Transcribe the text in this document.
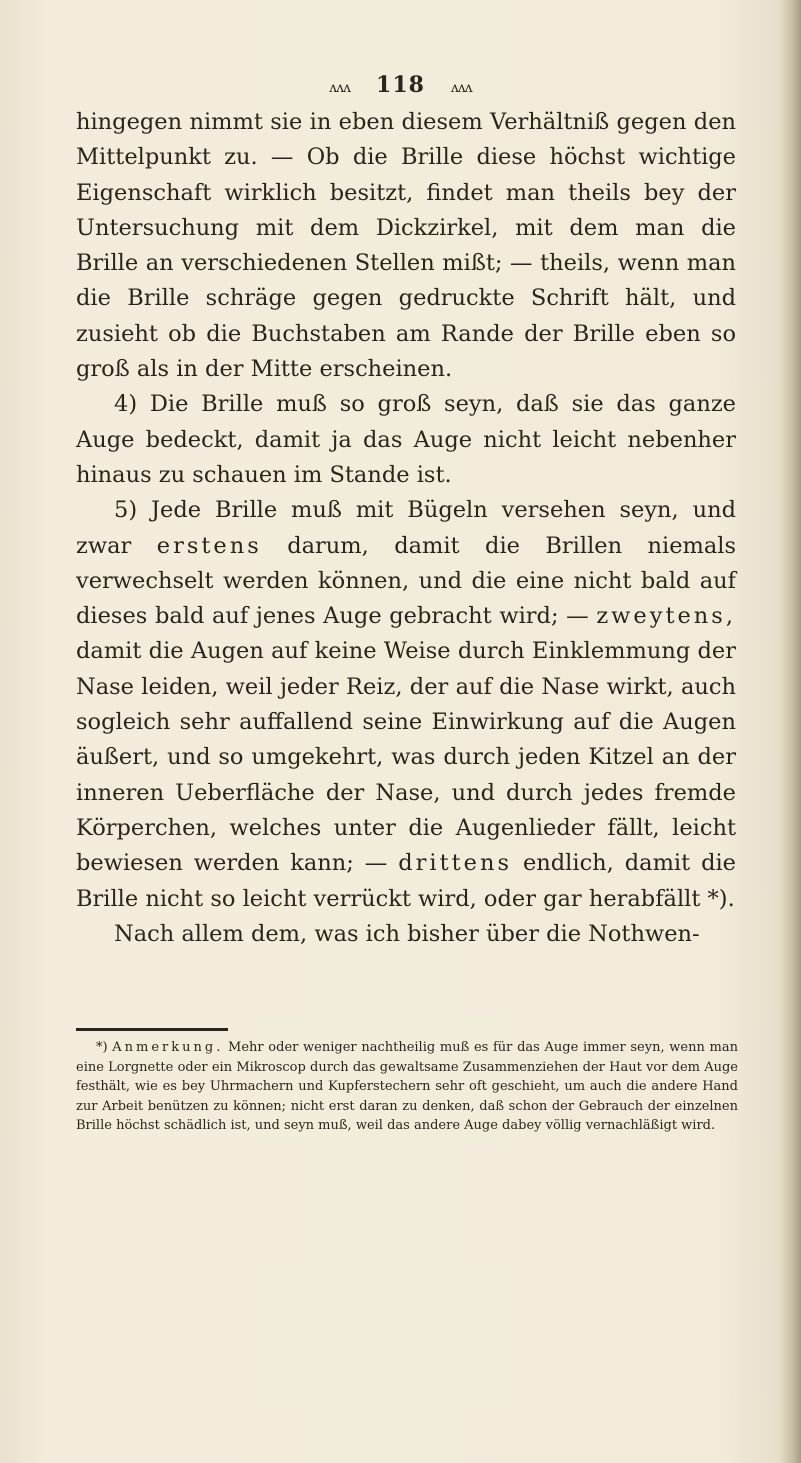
ᴧᴧᴧ 118 ᴧᴧᴧ

hingegen nimmt sie in eben diesem Verhältniß gegen den Mittelpunkt zu. — Ob die Brille diese höchst wichtige Eigenschaft wirklich besitzt, findet man theils bey der Untersuchung mit dem Dickzirkel, mit dem man die Brille an verschiedenen Stellen mißt; — theils, wenn man die Brille schräge gegen gedruckte Schrift hält, und zusieht ob die Buchstaben am Rande der Brille eben so groß als in der Mitte erscheinen.

4) Die Brille muß so groß seyn, daß sie das ganze Auge bedeckt, damit ja das Auge nicht leicht nebenher hinaus zu schauen im Stande ist.

5) Jede Brille muß mit Bügeln versehen seyn, und zwar erstens darum, damit die Brillen niemals verwechselt werden können, und die eine nicht bald auf dieses bald auf jenes Auge gebracht wird; — zweytens, damit die Augen auf keine Weise durch Einklemmung der Nase leiden, weil jeder Reiz, der auf die Nase wirkt, auch sogleich sehr auffallend seine Einwirkung auf die Augen äußert, und so umgekehrt, was durch jeden Kitzel an der inneren Ueberfläche der Nase, und durch jedes fremde Körperchen, welches unter die Augenlieder fällt, leicht bewiesen werden kann; — drittens endlich, damit die Brille nicht so leicht verrückt wird, oder gar herabfällt *).

Nach allem dem, was ich bisher über die Nothwen-

*) Anmerkung. Mehr oder weniger nachtheilig muß es für das Auge immer seyn, wenn man eine Lorgnette oder ein Mikroscop durch das gewaltsame Zusammenziehen der Haut vor dem Auge festhält, wie es bey Uhrmachern und Kupferstechern sehr oft geschieht, um auch die andere Hand zur Arbeit benützen zu können; nicht erst daran zu denken, daß schon der Gebrauch der einzelnen Brille höchst schädlich ist, und seyn muß, weil das andere Auge dabey völlig vernachläßigt wird.
